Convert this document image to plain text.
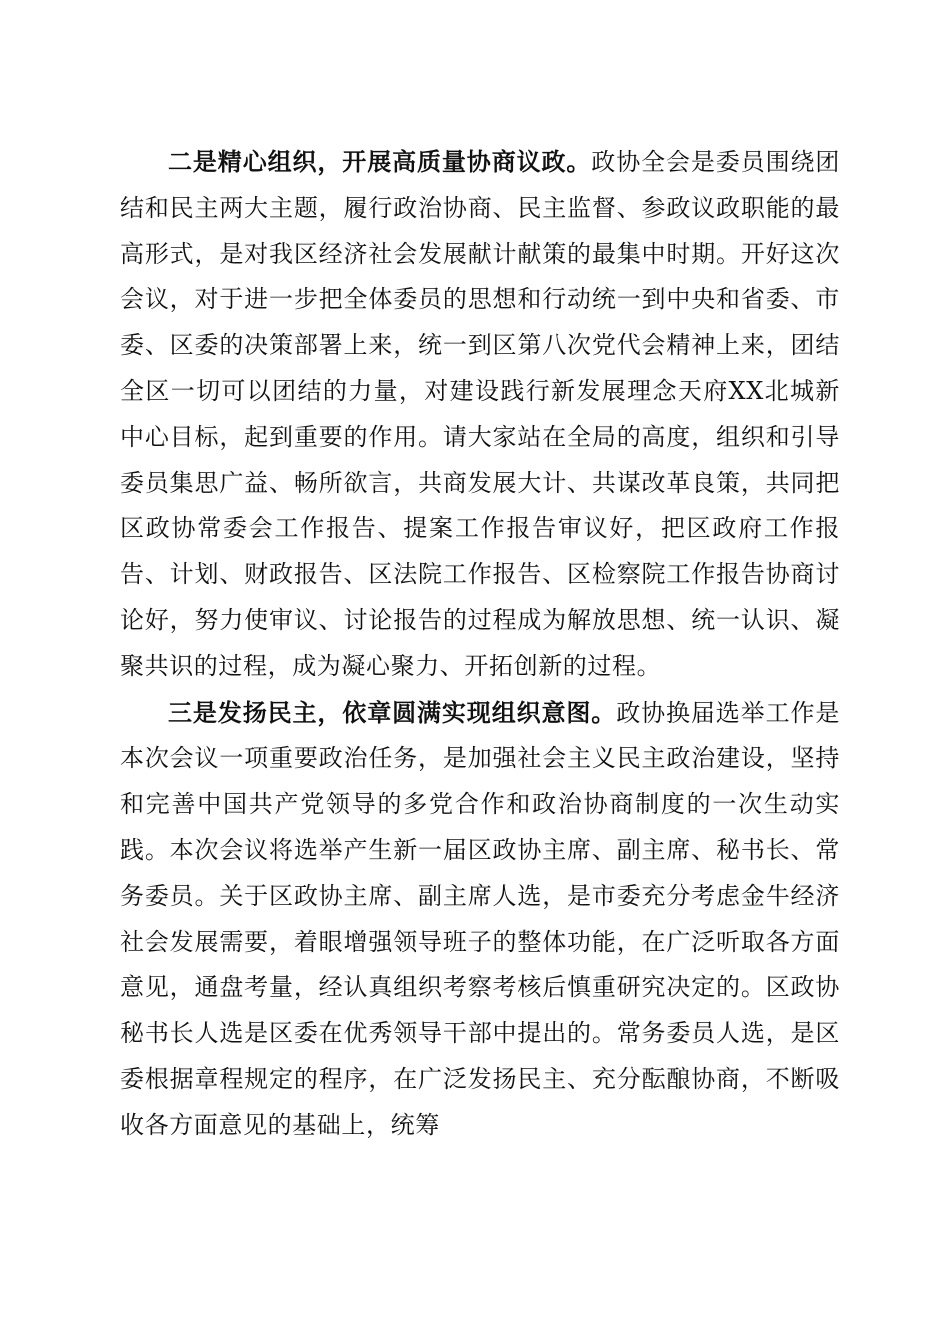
二是精心组织，开展高质量协商议政。政协全会是委员围绕团结和民主两大主题，履行政治协商、民主监督、参政议政职能的最高形式，是对我区经济社会发展献计献策的最集中时期。开好这次会议，对于进一步把全体委员的思想和行动统一到中央和省委、市委、区委的决策部署上来，统一到区第八次党代会精神上来，团结全区一切可以团结的力量，对建设践行新发展理念天府XX北城新中心目标，起到重要的作用。请大家站在全局的高度，组织和引导委员集思广益、畅所欲言，共商发展大计、共谋改革良策，共同把区政协常委会工作报告、提案工作报告审议好，把区政府工作报告、计划、财政报告、区法院工作报告、区检察院工作报告协商讨论好，努力使审议、讨论报告的过程成为解放思想、统一认识、凝聚共识的过程，成为凝心聚力、开拓创新的过程。

三是发扬民主，依章圆满实现组织意图。政协换届选举工作是本次会议一项重要政治任务，是加强社会主义民主政治建设，坚持和完善中国共产党领导的多党合作和政治协商制度的一次生动实践。本次会议将选举产生新一届区政协主席、副主席、秘书长、常务委员。关于区政协主席、副主席人选，是市委充分考虑金牛经济社会发展需要，着眼增强领导班子的整体功能，在广泛听取各方面意见，通盘考量，经认真组织考察考核后慎重研究决定的。区政协秘书长人选是区委在优秀领导干部中提出的。常务委员人选，是区委根据章程规定的程序，在广泛发扬民主、充分酝酿协商，不断吸收各方面意见的基础上，统筹
